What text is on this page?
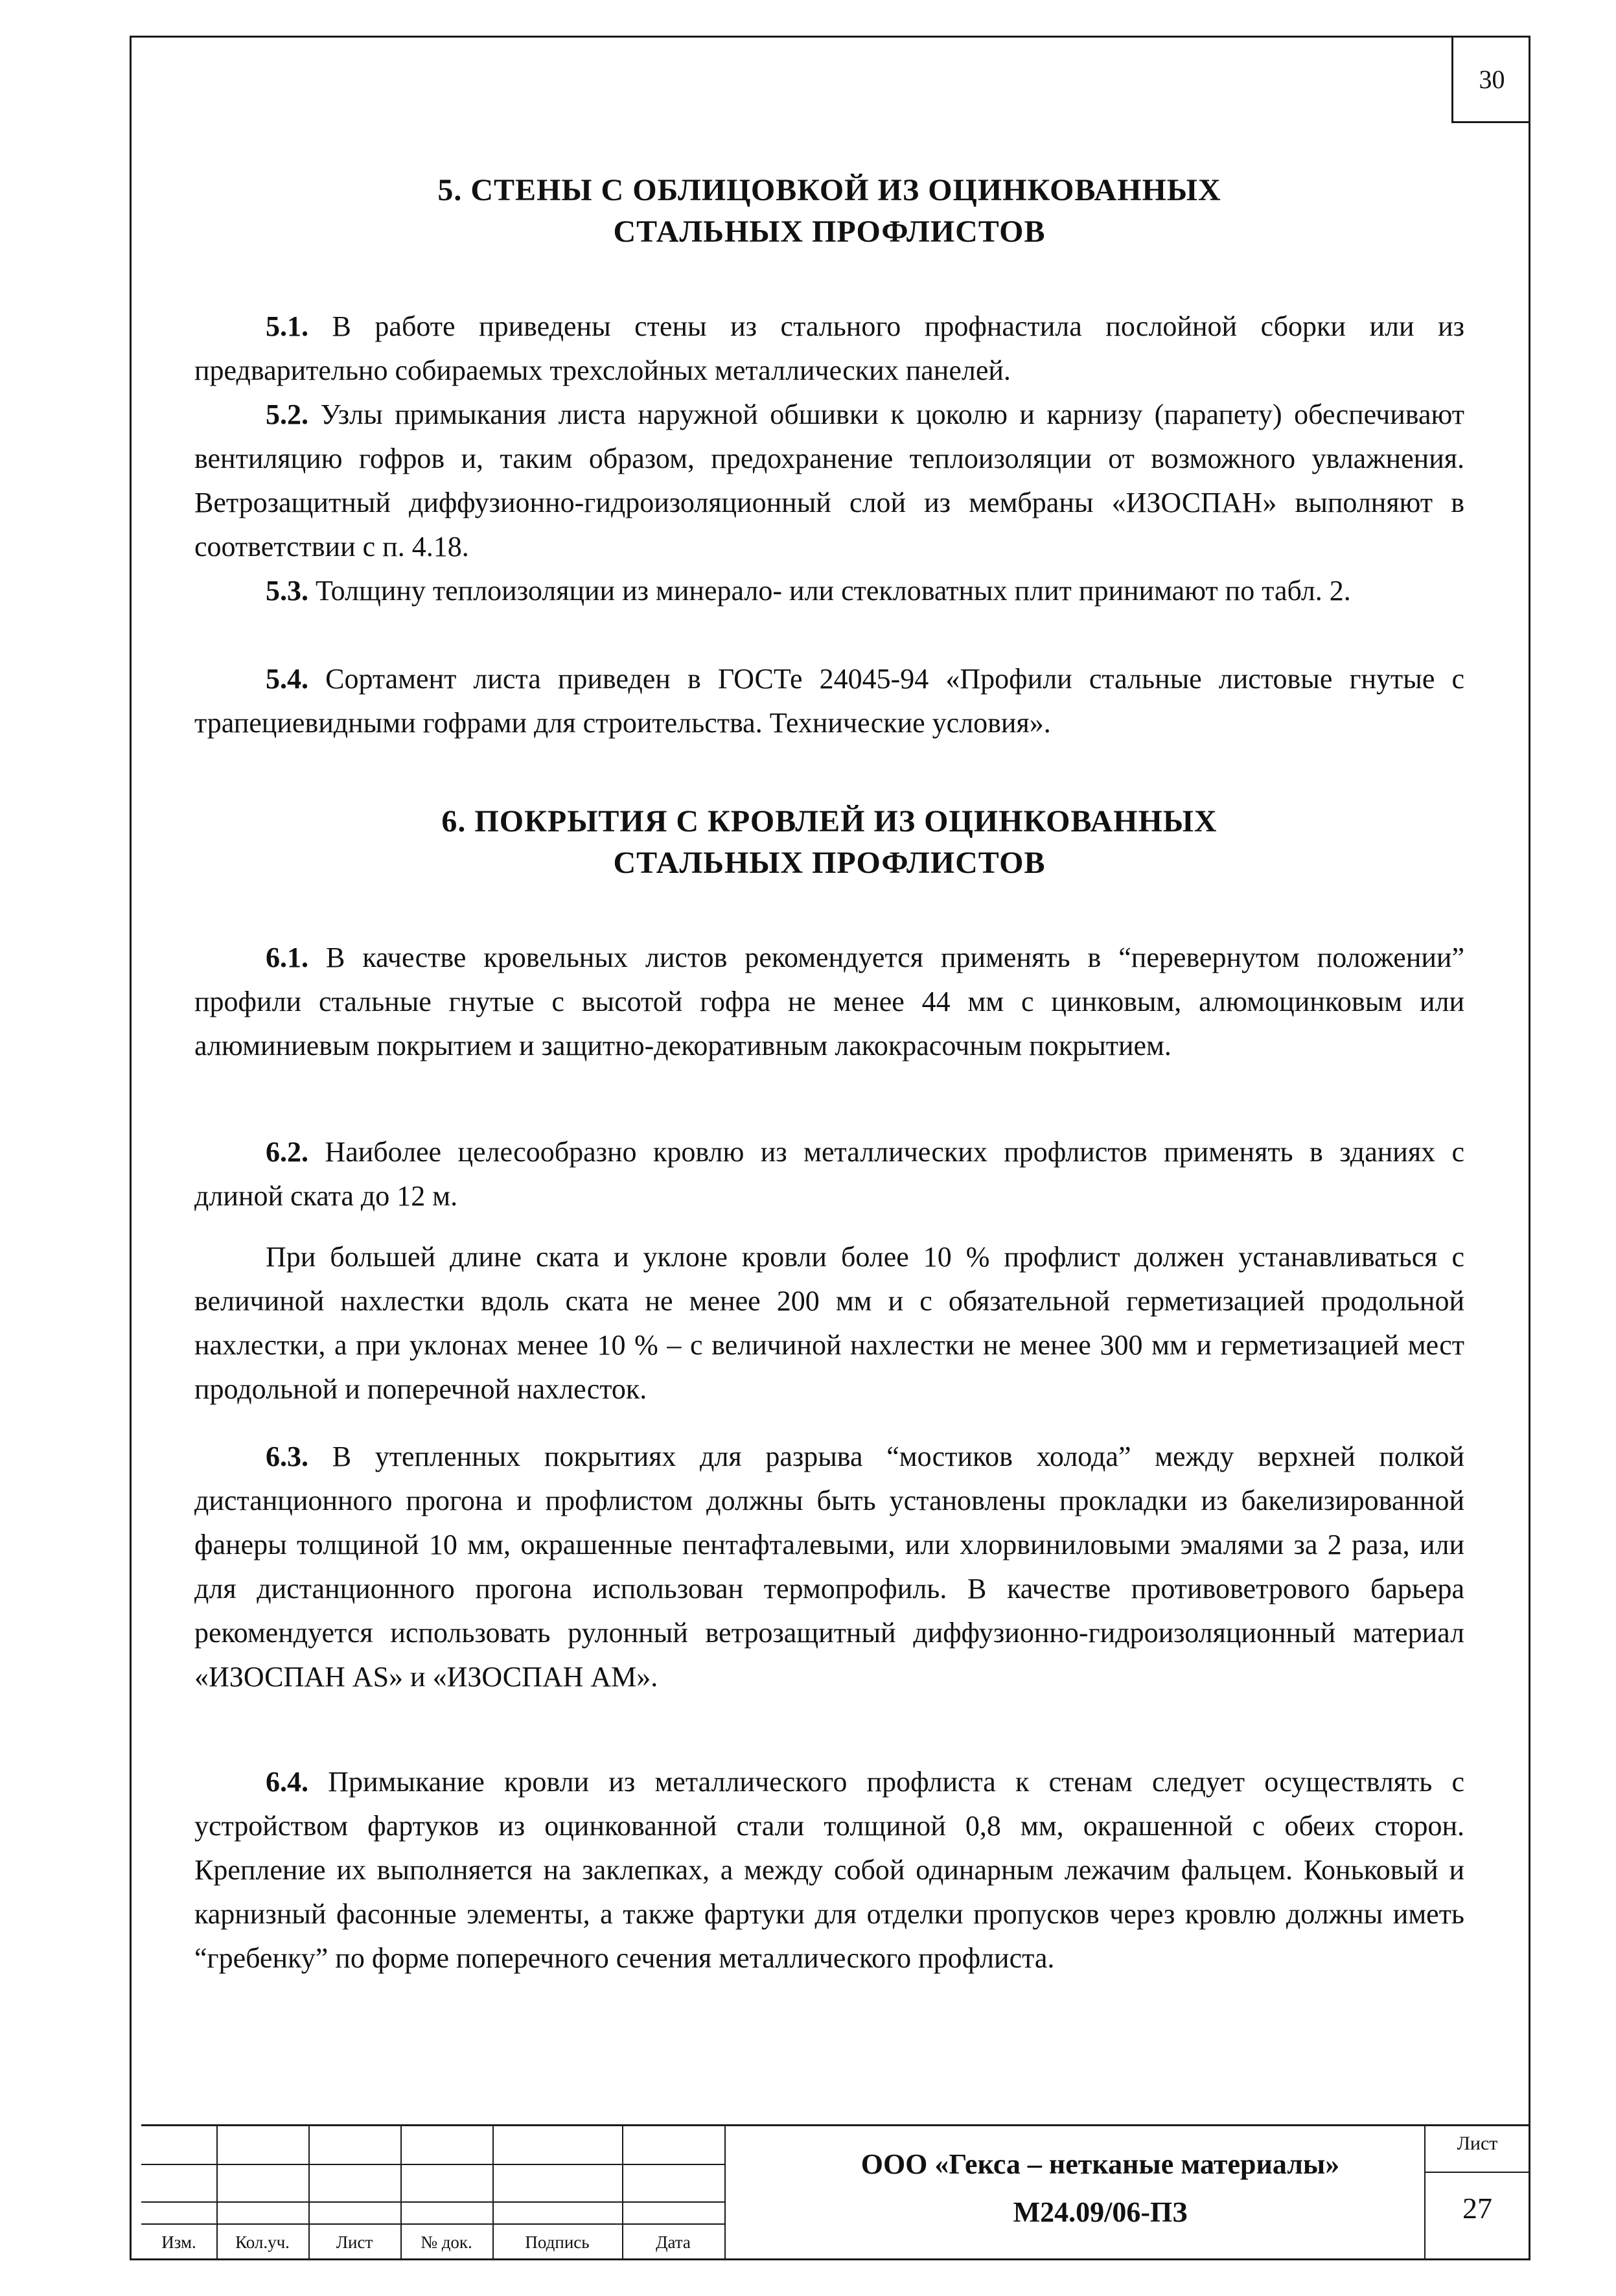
30
5. СТЕНЫ С ОБЛИЦОВКОЙ ИЗ ОЦИНКОВАННЫХ
СТАЛЬНЫХ ПРОФЛИСТОВ
5.1. В работе приведены стены из стального профнастила послойной сборки или из предварительно собираемых трехслойных металлических панелей.
5.2. Узлы примыкания листа наружной обшивки к цоколю и карнизу (парапету) обеспечивают вентиляцию гофров и, таким образом, предохранение теплоизоляции от возможного увлажнения. Ветрозащитный диффузионно-гидроизоляционный слой из мембраны «ИЗОСПАН» выполняют в соответствии с п. 4.18.
5.3. Толщину теплоизоляции из минерало- или стекловатных плит принимают по табл. 2.
5.4. Сортамент листа приведен в ГОСТе 24045-94 «Профили стальные листовые гнутые с трапециевидными гофрами для строительства. Технические условия».
6. ПОКРЫТИЯ С КРОВЛЕЙ ИЗ ОЦИНКОВАННЫХ
СТАЛЬНЫХ ПРОФЛИСТОВ
6.1. В качестве кровельных листов рекомендуется применять в “перевернутом положении” профили стальные гнутые с высотой гофра не менее 44 мм с цинковым, алюмоцинковым или алюминиевым покрытием и защитно-декоративным лакокрасочным покрытием.
6.2. Наиболее целесообразно кровлю из металлических профлистов применять в зданиях с длиной ската до 12 м.
При большей длине ската и уклоне кровли более 10 % профлист должен устанавливаться с величиной нахлестки вдоль ската не менее 200 мм и с обязательной герметизацией продольной нахлестки, а при уклонах менее 10 % – с величиной нахлестки не менее 300 мм и герметизацией мест продольной и поперечной нахлесток.
6.3. В утепленных покрытиях для разрыва “мостиков холода” между верхней полкой дистанционного прогона и профлистом должны быть установлены прокладки из бакелизированной фанеры толщиной 10 мм, окрашенные пентафталевыми, или хлорвиниловыми эмалями за 2 раза, или для дистанционного прогона использован термопрофиль. В качестве противоветрового барьера рекомендуется использовать рулонный ветрозащитный диффузионно-гидроизоляционный материал «ИЗОСПАН AS» и «ИЗОСПАН AM».
6.4. Примыкание кровли из металлического профлиста к стенам следует осуществлять с устройством фартуков из оцинкованной стали толщиной 0,8 мм, окрашенной с обеих сторон. Крепление их выполняется на заклепках, а между собой одинарным лежачим фальцем. Коньковый и карнизный фасонные элементы, а также фартуки для отделки пропусков через кровлю должны иметь “гребенку” по форме поперечного сечения металлического профлиста.
Изм.	Кол.уч.	Лист	№ док.	Подпись	Дата
ООО «Гекса – нетканые материалы»
М24.09/06-ПЗ
Лист
27
